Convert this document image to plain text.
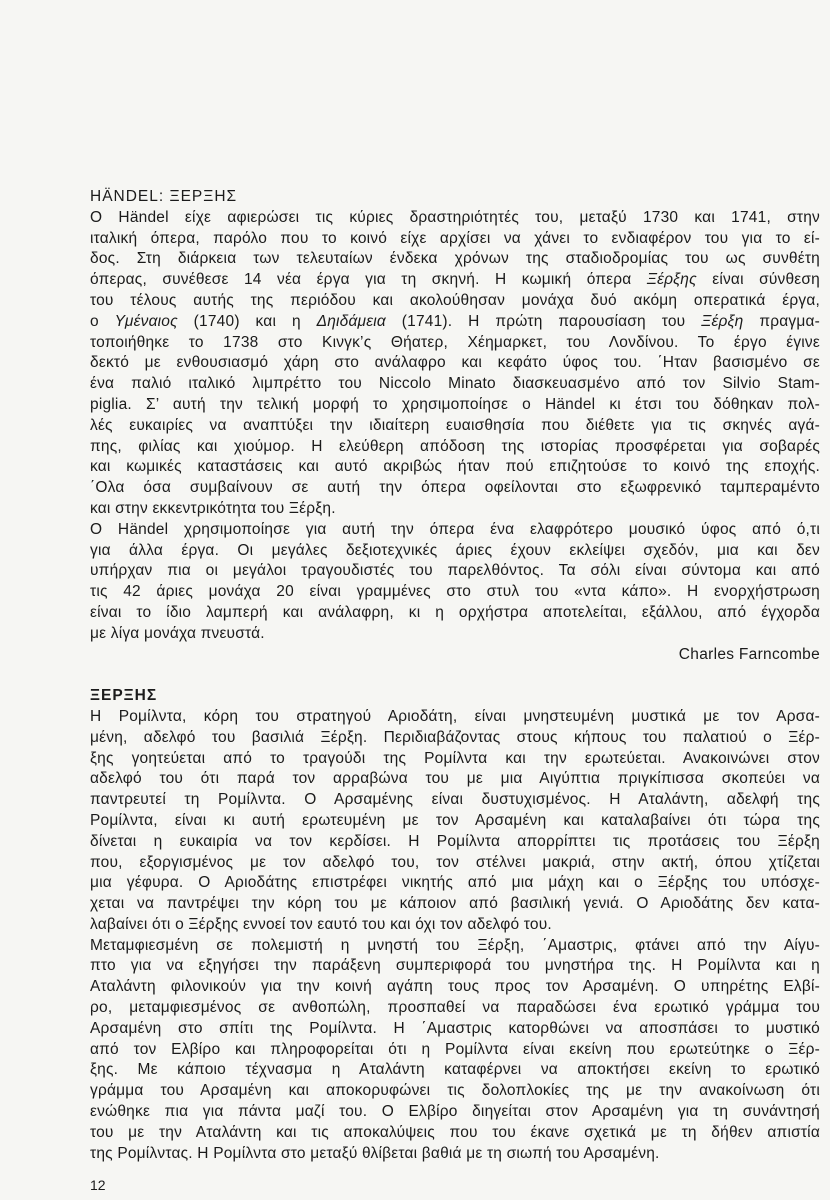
HÄNDEL: ΞΕΡΞΗΣ
Ο Händel είχε αφιερώσει τις κύριες δραστηριότητές του, μεταξύ 1730 και 1741, στην
ιταλική όπερα, παρόλο που το κοινό είχε αρχίσει να χάνει το ενδιαφέρον του για το εί-
δος. Στη διάρκεια των τελευταίων ένδεκα χρόνων της σταδιοδρομίας του ως συνθέτη
όπερας, συνέθεσε 14 νέα έργα για τη σκηνή. Η κωμική όπερα Ξέρξης είναι σύνθεση
του τέλους αυτής της περιόδου και ακολούθησαν μονάχα δυό ακόμη οπερατικά έργα,
ο Υμέναιος (1740) και η Δηιδάμεια (1741). Η πρώτη παρουσίαση του Ξέρξη πραγμα-
τοποιήθηκε το 1738 στο Κινγκ’ς Θήατερ, Χέημαρκετ, του Λονδίνου. Το έργο έγινε
δεκτό με ενθουσιασμό χάρη στο ανάλαφρο και κεφάτο ύφος του. ΄Ηταν βασισμένο σε
ένα παλιό ιταλικό λιμπρέττο του Niccolo Minato διασκευασμένο από τον Silvio Stam-
piglia. Σ’ αυτή την τελική μορφή το χρησιμοποίησε ο Händel κι έτσι του δόθηκαν πολ-
λές ευκαιρίες να αναπτύξει την ιδιαίτερη ευαισθησία που διέθετε για τις σκηνές αγά-
πης, φιλίας και χιούμορ. Η ελεύθερη απόδοση της ιστορίας προσφέρεται για σοβαρές
και κωμικές καταστάσεις και αυτό ακριβώς ήταν πού επιζητούσε το κοινό της εποχής.
΄Ολα όσα συμβαίνουν σε αυτή την όπερα οφείλονται στο εξωφρενικό ταμπεραμέντο
και στην εκκεντρικότητα του Ξέρξη.
Ο Händel χρησιμοποίησε για αυτή την όπερα ένα ελαφρότερο μουσικό ύφος από ό,τι
για άλλα έργα. Οι μεγάλες δεξιοτεχνικές άριες έχουν εκλείψει σχεδόν, μια και δεν
υπήρχαν πια οι μεγάλοι τραγουδιστές του παρελθόντος. Τα σόλι είναι σύντομα και από
τις 42 άριες μονάχα 20 είναι γραμμένες στο στυλ του «ντα κάπο». Η ενορχήστρωση
είναι το ίδιο λαμπερή και ανάλαφρη, κι η ορχήστρα αποτελείται, εξάλλου, από έγχορδα
με λίγα μονάχα πνευστά.
Charles Farncombe
ΞΕΡΞΗΣ
Η Ρομίλντα, κόρη του στρατηγού Αριοδάτη, είναι μνηστευμένη μυστικά με τον Αρσα-
μένη, αδελφό του βασιλιά Ξέρξη. Περιδιαβάζοντας στους κήπους του παλατιού ο Ξέρ-
ξης γοητεύεται από το τραγούδι της Ρομίλντα και την ερωτεύεται. Ανακοινώνει στον
αδελφό του ότι παρά τον αρραβώνα του με μια Αιγύπτια πριγκίπισσα σκοπεύει να
παντρευτεί τη Ρομίλντα. Ο Αρσαμένης είναι δυστυχισμένος. Η Αταλάντη, αδελφή της
Ρομίλντα, είναι κι αυτή ερωτευμένη με τον Αρσαμένη και καταλαβαίνει ότι τώρα της
δίνεται η ευκαιρία να τον κερδίσει. Η Ρομίλντα απορρίπτει τις προτάσεις του Ξέρξη
που, εξοργισμένος με τον αδελφό του, τον στέλνει μακριά, στην ακτή, όπου χτίζεται
μια γέφυρα. Ο Αριοδάτης επιστρέφει νικητής από μια μάχη και ο Ξέρξης του υπόσχε-
χεται να παντρέψει την κόρη του με κάποιον από βασιλική γενιά. Ο Αριοδάτης δεν κατα-
λαβαίνει ότι ο Ξέρξης εννοεί τον εαυτό του και όχι τον αδελφό του.
Μεταμφιεσμένη σε πολεμιστή η μνηστή του Ξέρξη, ΄Αμαστρις, φτάνει από την Αίγυ-
πτο για να εξηγήσει την παράξενη συμπεριφορά του μνηστήρα της. Η Ρομίλντα και η
Αταλάντη φιλονικούν για την κοινή αγάπη τους προς τον Αρσαμένη. Ο υπηρέτης Ελβί-
ρο, μεταμφιεσμένος σε ανθοπώλη, προσπαθεί να παραδώσει ένα ερωτικό γράμμα του
Αρσαμένη στο σπίτι της Ρομίλντα. Η ΄Αμαστρις κατορθώνει να αποσπάσει το μυστικό
από τον Ελβίρο και πληροφορείται ότι η Ρομίλντα είναι εκείνη που ερωτεύτηκε ο Ξέρ-
ξης. Με κάποιο τέχνασμα η Αταλάντη καταφέρνει να αποκτήσει εκείνη το ερωτικό
γράμμα του Αρσαμένη και αποκορυφώνει τις δολοπλοκίες της με την ανακοίνωση ότι
ενώθηκε πια για πάντα μαζί του. Ο Ελβίρο διηγείται στον Αρσαμένη για τη συνάντησή
του με την Αταλάντη και τις αποκαλύψεις που του έκανε σχετικά με τη δήθεν απιστία
της Ρομίλντας. Η Ρομίλντα στο μεταξύ θλίβεται βαθιά με τη σιωπή του Αρσαμένη.
12
